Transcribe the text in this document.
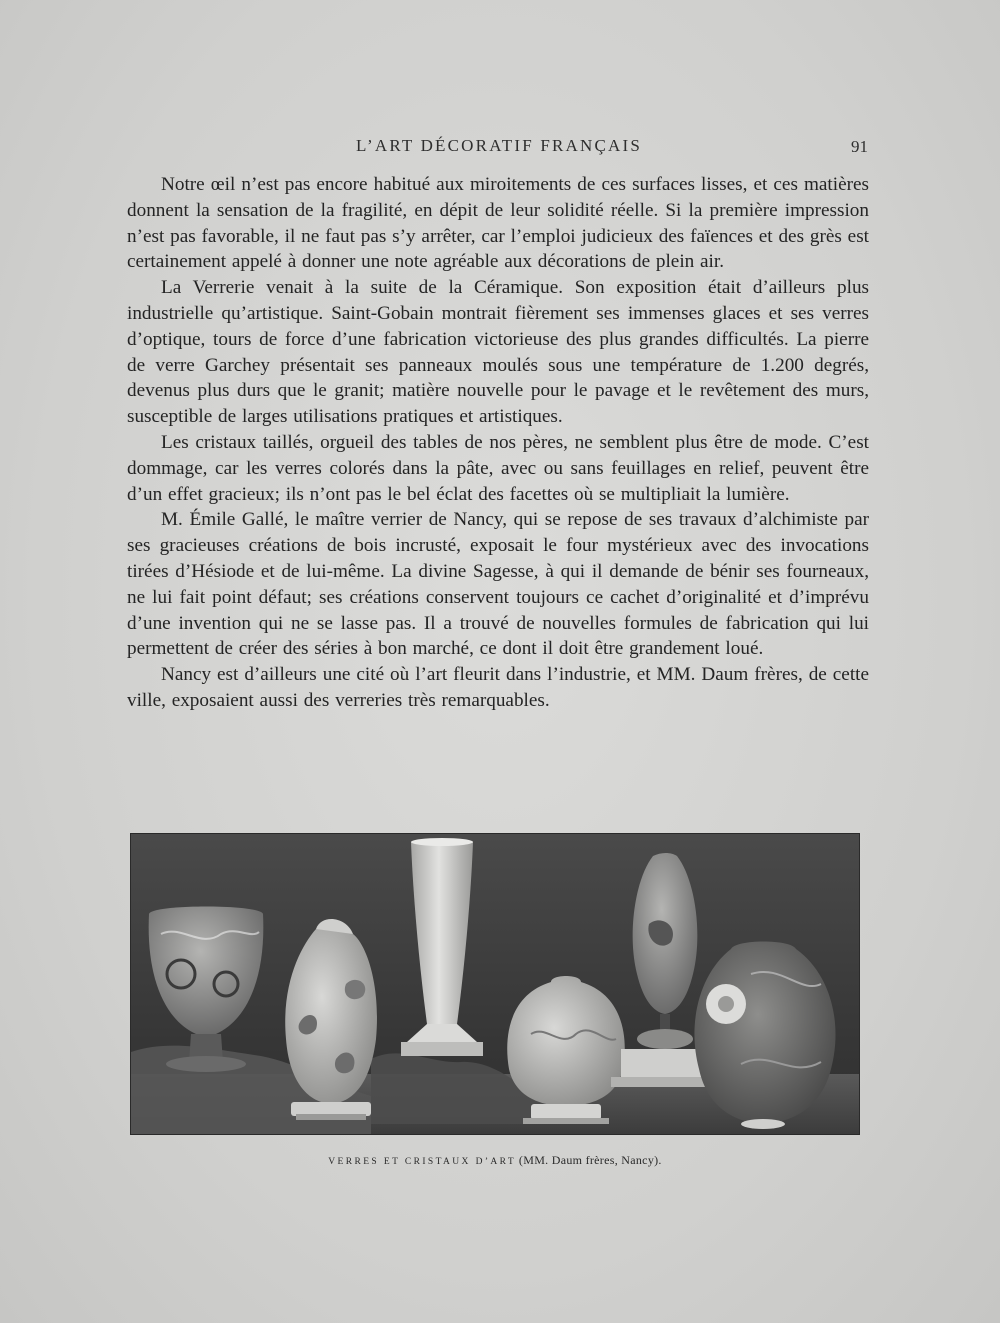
L’ART DÉCORATIF FRANÇAIS	91

Notre œil n’est pas encore habitué aux miroitements de ces surfaces lisses, et ces matières donnent la sensation de la fragilité, en dépit de leur solidité réelle. Si la première impression n’est pas favorable, il ne faut pas s’y arrêter, car l’emploi judicieux des faïences et des grès est certainement appelé à donner une note agréable aux décorations de plein air.

La Verrerie venait à la suite de la Céramique. Son exposition était d’ailleurs plus industrielle qu’artistique. Saint-Gobain montrait fièrement ses immenses glaces et ses verres d’optique, tours de force d’une fabrication victorieuse des plus grandes difficultés. La pierre de verre Garchey présentait ses panneaux moulés sous une température de 1.200 degrés, devenus plus durs que le granit; matière nouvelle pour le pavage et le revêtement des murs, susceptible de larges utilisations pratiques et artistiques.

Les cristaux taillés, orgueil des tables de nos pères, ne semblent plus être de mode. C’est dommage, car les verres colorés dans la pâte, avec ou sans feuillages en relief, peuvent être d’un effet gracieux; ils n’ont pas le bel éclat des facettes où se multipliait la lumière.

M. Émile Gallé, le maître verrier de Nancy, qui se repose de ses travaux d’alchimiste par ses gracieuses créations de bois incrusté, exposait le four mystérieux avec des invocations tirées d’Hésiode et de lui-même. La divine Sagesse, à qui il demande de bénir ses fourneaux, ne lui fait point défaut; ses créations conservent toujours ce cachet d’originalité et d’imprévu d’une invention qui ne se lasse pas. Il a trouvé de nouvelles formules de fabrication qui lui permettent de créer des séries à bon marché, ce dont il doit être grandement loué.

Nancy est d’ailleurs une cité où l’art fleurit dans l’industrie, et MM. Daum frères, de cette ville, exposaient aussi des verreries très remarquables.

VERRES ET CRISTAUX D’ART (MM. Daum frères, Nancy).
